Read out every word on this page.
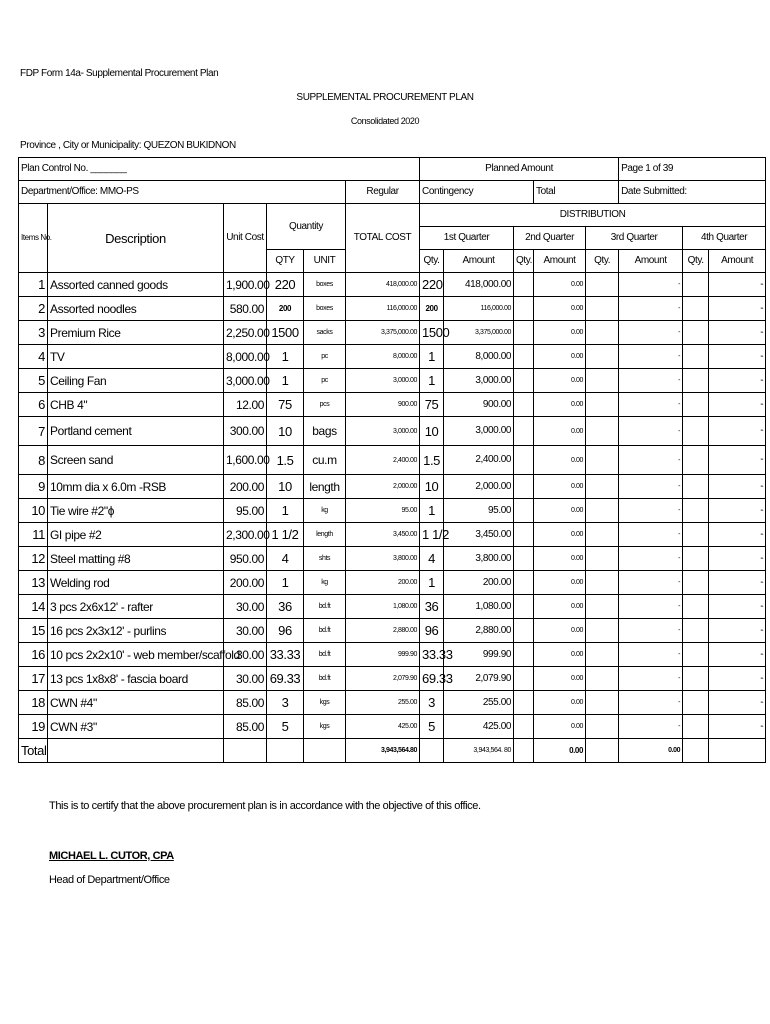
FDP Form 14a- Supplemental Procurement Plan
SUPPLEMENTAL PROCUREMENT PLAN
Consolidated 2020
Province , City or Municipality: QUEZON BUKIDNON
Plan Control No. _______						Planned Amount					Page 1 of 39		
Department/Office: MMO-PS					Regular	Contingency			Total		Date Submitted:		
Items No.	Description	Unit Cost	Quantity		TOTAL COST	DISTRIBUTION							
						1st Quarter		2nd Quarter		3rd Quarter		4th Quarter	
			QTY	UNIT		Qty.	Amount	Qty.	Amount	Qty.	Amount	Qty.	Amount
1	Assorted canned goods	1,900.00	220	boxes	418,000.00	220	418,000.00		0.00		-		-
2	Assorted noodles	580.00	200	boxes	116,000.00	200	116,000.00		0.00		-		-
3	Premium Rice	2,250.00	1500	sacks	3,375,000.00	1500	3,375,000.00		0.00		-		-
4	TV	8,000.00	1	pc	8,000.00	1	8,000.00		0.00		-		-
5	Ceiling Fan	3,000.00	1	pc	3,000.00	1	3,000.00		0.00		-		-
6	CHB 4"	12.00	75	pcs	900.00	75	900.00		0.00		-		-
7	Portland cement	300.00	10	bags	3,000.00	10	3,000.00		0.00		-		-
8	Screen sand	1,600.00	1.5	cu.m	2,400.00	1.5	2,400.00		0.00		-		-
9	10mm dia x 6.0m -RSB	200.00	10	length	2,000.00	10	2,000.00		0.00		-		-
10	Tie wire #2"ϕ	95.00	1	kg	95.00	1	95.00		0.00		-		-
11	GI pipe #2	2,300.00	1 1/2	length	3,450.00	1 1/2	3,450.00		0.00		-		-
12	Steel matting #8	950.00	4	shts	3,800.00	4	3,800.00		0.00		-		-
13	Welding rod	200.00	1	kg	200.00	1	200.00		0.00		-		-
14	3 pcs 2x6x12' - rafter	30.00	36	bd.ft	1,080.00	36	1,080.00		0.00		-		-
15	16 pcs 2x3x12' - purlins	30.00	96	bd.ft	2,880.00	96	2,880.00		0.00		-		-
16	10 pcs 2x2x10' - web member/scaffold	30.00	33.33	bd.ft	999.90	33.33	999.90		0.00		-		-
17	13 pcs 1x8x8' - fascia board	30.00	69.33	bd.ft	2,079.90	69.33	2,079.90		0.00		-		-
18	CWN #4"	85.00	3	kgs	255.00	3	255.00		0.00		-		-
19	CWN #3"	85.00	5	kgs	425.00	5	425.00		0.00		-		-
Total					3,943,564.80		3,943,564. 80		0.00		0.00		
This is to certify that the above procurement plan is in accordance with the objective of this office.
MICHAEL L. CUTOR, CPA
Head of Department/Office
